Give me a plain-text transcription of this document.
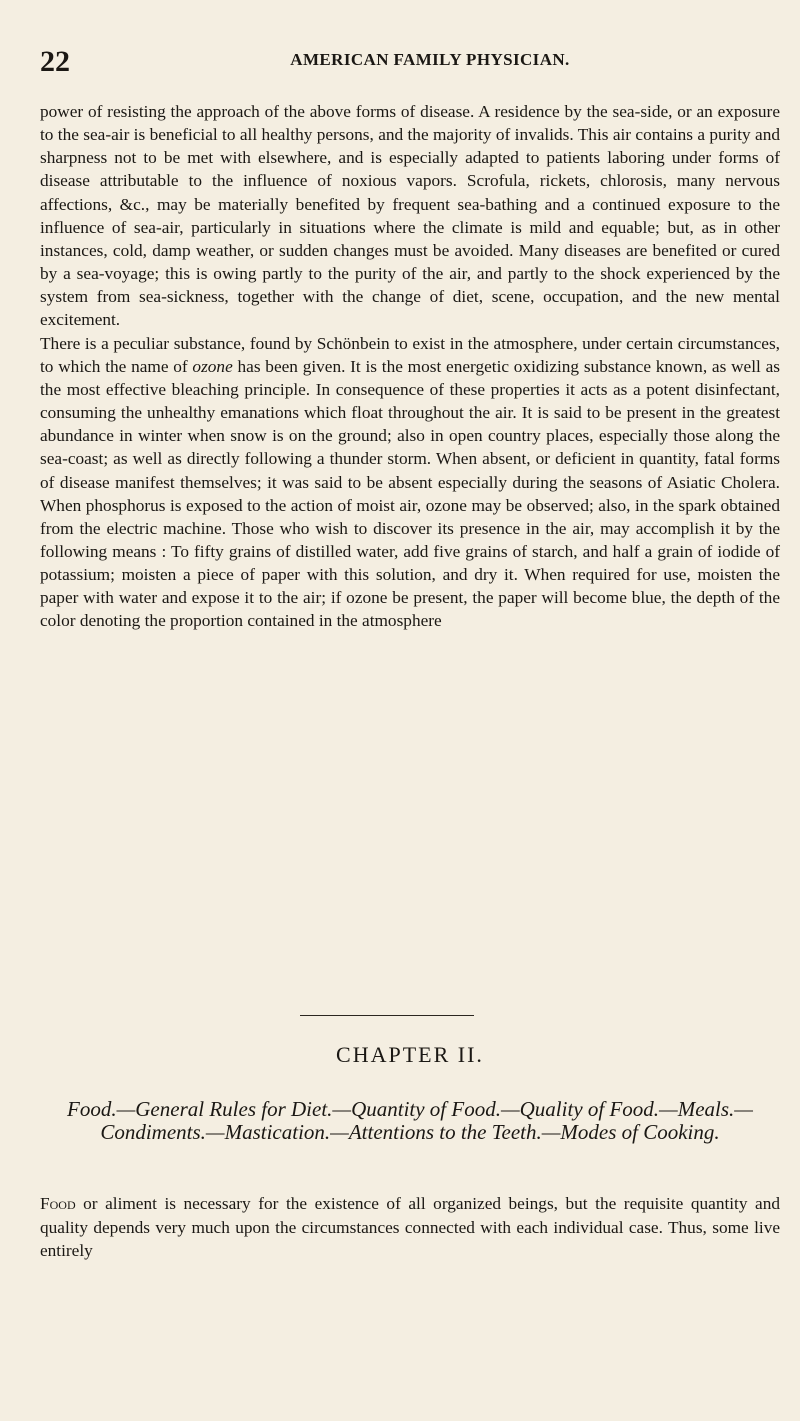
22	AMERICAN FAMILY PHYSICIAN.

power of resisting the approach of the above forms of disease. A residence by the sea-side, or an exposure to the sea-air is beneficial to all healthy persons, and the majority of invalids. This air contains a purity and sharpness not to be met with elsewhere, and is especially adapted to patients laboring under forms of disease attributable to the influence of noxious vapors. Scrofula, rickets, chlorosis, many nervous affections, &c., may be materially benefited by frequent sea-bathing and a continued exposure to the influence of sea-air, particularly in situations where the climate is mild and equable; but, as in other instances, cold, damp weather, or sudden changes must be avoided. Many diseases are benefited or cured by a sea-voyage; this is owing partly to the purity of the air, and partly to the shock experienced by the system from sea-sickness, together with the change of diet, scene, occupation, and the new mental excitement.

There is a peculiar substance, found by Schönbein to exist in the atmosphere, under certain circumstances, to which the name of ozone has been given. It is the most energetic oxidizing substance known, as well as the most effective bleaching principle. In consequence of these properties it acts as a potent disinfectant, consuming the unhealthy emanations which float throughout the air. It is said to be present in the greatest abundance in winter when snow is on the ground; also in open country places, especially those along the sea-coast; as well as directly following a thunder storm. When absent, or deficient in quantity, fatal forms of disease manifest themselves; it was said to be absent especially during the seasons of Asiatic Cholera. When phosphorus is exposed to the action of moist air, ozone may be observed; also, in the spark obtained from the electric machine. Those who wish to discover its presence in the air, may accomplish it by the following means : To fifty grains of distilled water, add five grains of starch, and half a grain of iodide of potassium; moisten a piece of paper with this solution, and dry it. When required for use, moisten the paper with water and expose it to the air; if ozone be present, the paper will become blue, the depth of the color denoting the proportion contained in the atmosphere

CHAPTER II.
Food.—General Rules for Diet.—Quantity of Food.—Quality of Food.—Meals.—Condiments.—Mastication.—Attentions to the Teeth.—Modes of Cooking.

Food or aliment is necessary for the existence of all organized beings, but the requisite quantity and quality depends very much upon the circumstances connected with each individual case. Thus, some live entirely
